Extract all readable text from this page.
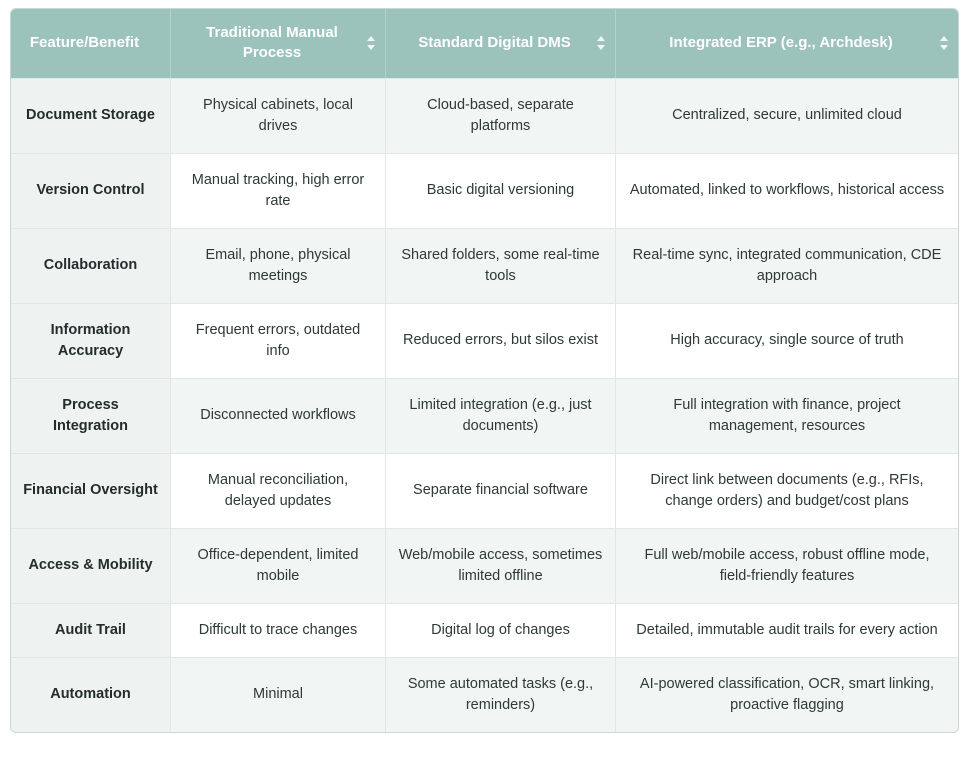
Feature/Benefit	Traditional Manual Process	Standard Digital DMS	Integrated ERP (e.g., Archdesk)

Document Storage	Physical cabinets, local drives	Cloud-based, separate platforms	Centralized, secure, unlimited cloud
Version Control	Manual tracking, high error rate	Basic digital versioning	Automated, linked to workflows, historical access
Collaboration	Email, phone, physical meetings	Shared folders, some real-time tools	Real-time sync, integrated communication, CDE approach
Information Accuracy	Frequent errors, outdated info	Reduced errors, but silos exist	High accuracy, single source of truth
Process Integration	Disconnected workflows	Limited integration (e.g., just documents)	Full integration with finance, project management, resources
Financial Oversight	Manual reconciliation, delayed updates	Separate financial software	Direct link between documents (e.g., RFIs, change orders) and budget/cost plans
Access & Mobility	Office-dependent, limited mobile	Web/mobile access, sometimes limited offline	Full web/mobile access, robust offline mode, field-friendly features
Audit Trail	Difficult to trace changes	Digital log of changes	Detailed, immutable audit trails for every action
Automation	Minimal	Some automated tasks (e.g., reminders)	AI-powered classification, OCR, smart linking, proactive flagging
